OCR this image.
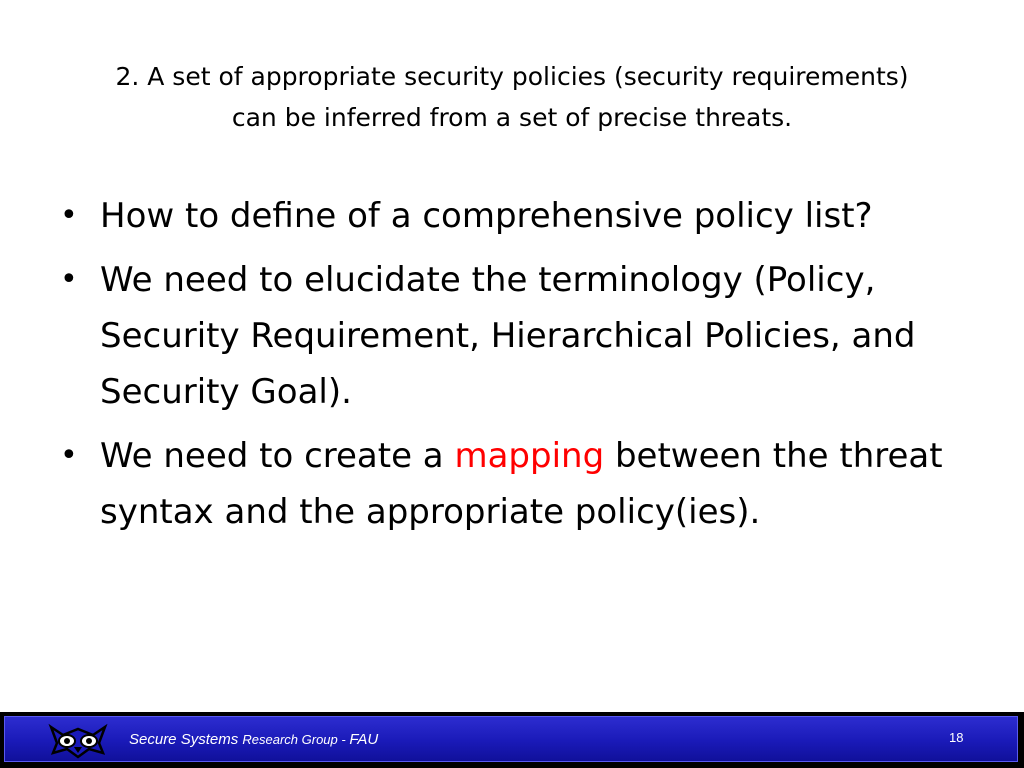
2. A set of appropriate security policies (security requirements)
can be inferred from a set of precise threats.
• How to define of a comprehensive policy list?
• We need to elucidate the terminology (Policy, Security Requirement, Hierarchical Policies, and Security Goal).
• We need to create a mapping between the threat syntax and the appropriate policy(ies).
Secure Systems Research Group - FAU	18
